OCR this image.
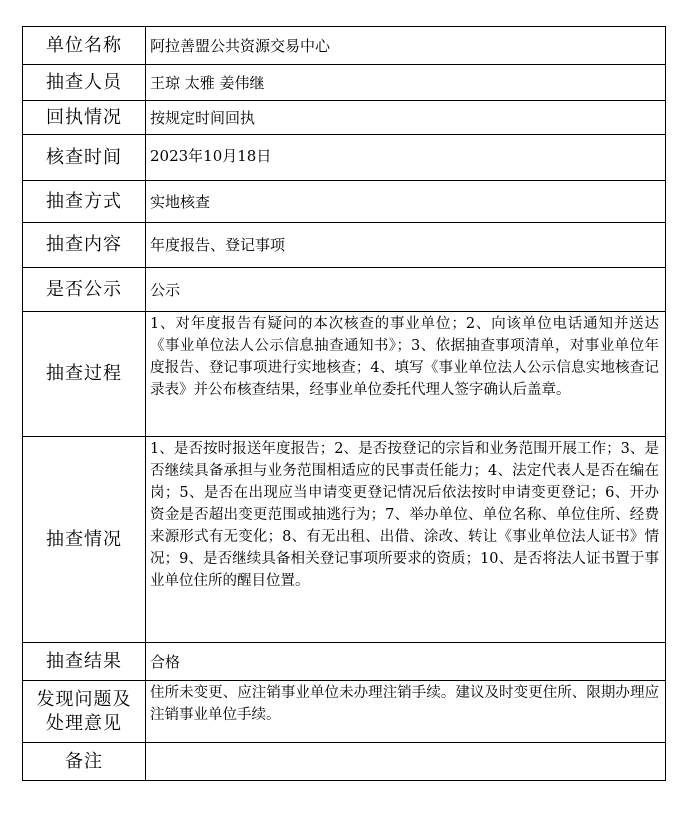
单位名称	阿拉善盟公共资源交易中心
抽查人员	王琼 太雅 姜伟继
回执情况	按规定时间回执
核查时间	2023年10月18日
抽查方式	实地核查
抽查内容	年度报告、登记事项
是否公示	公示
抽查过程	1、对年度报告有疑问的本次核查的事业单位；2、向该单位电话通知并送达《事业单位法人公示信息抽查通知书》；3、依据抽查事项清单，对事业单位年度报告、登记事项进行实地核查；4、填写《事业单位法人公示信息实地核查记录表》并公布核查结果，经事业单位委托代理人签字确认后盖章。
抽查情况	1、是否按时报送年度报告；2、是否按登记的宗旨和业务范围开展工作；3、是否继续具备承担与业务范围相适应的民事责任能力；4、法定代表人是否在编在岗；5、是否在出现应当申请变更登记情况后依法按时申请变更登记；6、开办资金是否超出变更范围或抽逃行为；7、举办单位、单位名称、单位住所、经费来源形式有无变化；8、有无出租、出借、涂改、转让《事业单位法人证书》情况；9、是否继续具备相关登记事项所要求的资质；10、是否将法人证书置于事业单位住所的醒目位置。
抽查结果	合格

发现问题及
处理意见	住所未变更、应注销事业单位未办理注销手续。建议及时变更住所、限期办理应注销事业单位手续。
备注	
